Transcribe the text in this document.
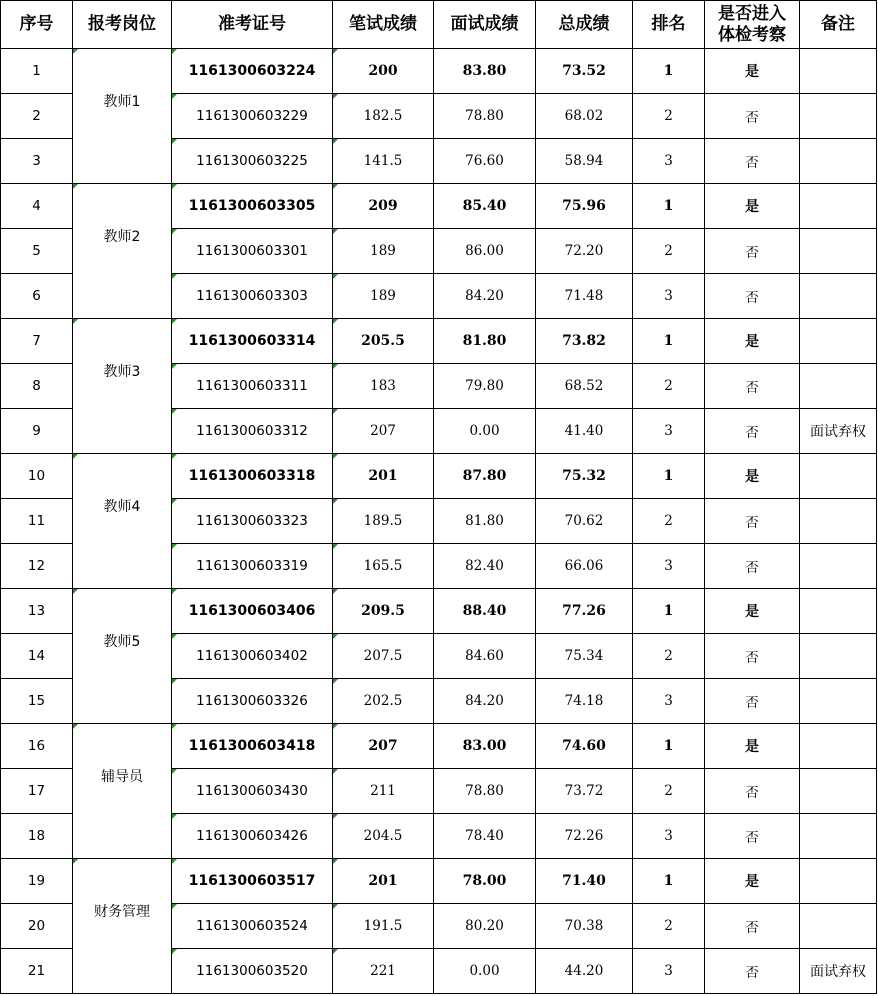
序号	报考岗位	准考证号	笔试成绩	面试成绩	总成绩	排名	是否进入
体检考察	备注
1	教师1	1161300603224	200	83.80	73.52	1	是	
2		1161300603229	182.5	78.80	68.02	2	否	
3		1161300603225	141.5	76.60	58.94	3	否	
4	教师2	1161300603305	209	85.40	75.96	1	是	
5		1161300603301	189	86.00	72.20	2	否	
6		1161300603303	189	84.20	71.48	3	否	
7	教师3	1161300603314	205.5	81.80	73.82	1	是	
8		1161300603311	183	79.80	68.52	2	否	
9		1161300603312	207	0.00	41.40	3	否	面试弃权
10	教师4	1161300603318	201	87.80	75.32	1	是	
11		1161300603323	189.5	81.80	70.62	2	否	
12		1161300603319	165.5	82.40	66.06	3	否	
13	教师5	1161300603406	209.5	88.40	77.26	1	是	
14		1161300603402	207.5	84.60	75.34	2	否	
15		1161300603326	202.5	84.20	74.18	3	否	
16	辅导员	1161300603418	207	83.00	74.60	1	是	
17		1161300603430	211	78.80	73.72	2	否	
18		1161300603426	204.5	78.40	72.26	3	否	
19	财务管理	1161300603517	201	78.00	71.40	1	是	
20		1161300603524	191.5	80.20	70.38	2	否	
21		1161300603520	221	0.00	44.20	3	否	面试弃权
